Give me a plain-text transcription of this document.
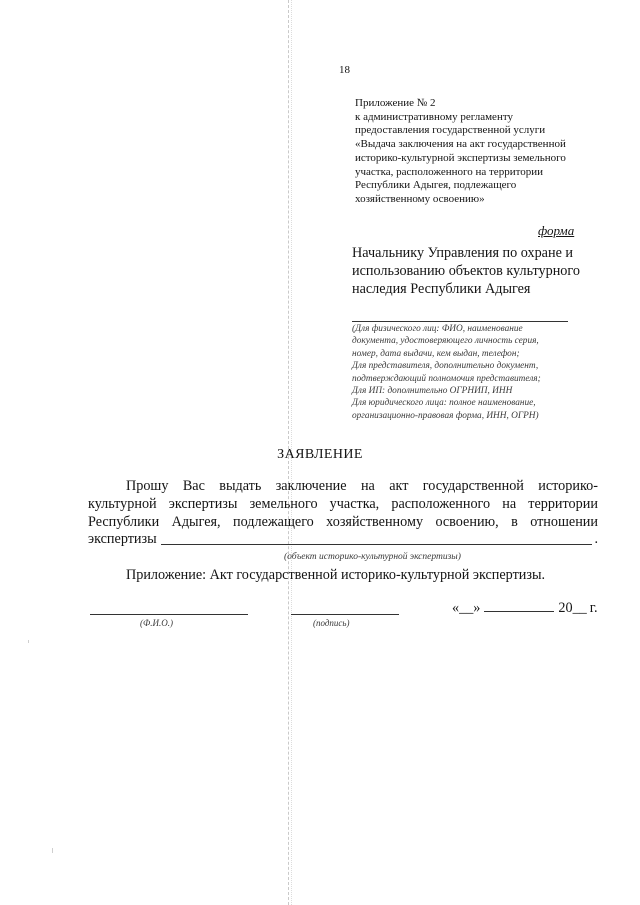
18
Приложение № 2
к административному регламенту
предоставления государственной услуги
«Выдача заключения на акт государственной
историко-культурной экспертизы земельного
участка, расположенного на территории
Республики Адыгея, подлежащего
хозяйственному освоению»
форма
Начальнику Управления по охране и
использованию объектов культурного
наследия Республики Адыгея
(Для физического лиц: ФИО, наименование
документа, удостоверяющего личность серия,
номер, дата выдачи, кем выдан, телефон;
Для представителя, дополнительно документ,
подтверждающий полномочия представителя;
Для ИП: дополнительно ОГРНИП, ИНН
Для юридического лица: полное наименование,
организационно-правовая форма, ИНН, ОГРН)
ЗАЯВЛЕНИЕ
Прошу Вас выдать заключение на акт государственной историко-
культурной экспертизы земельного участка, расположенного на территории
Республики Адыгея, подлежащего хозяйственному освоению, в отношении
экспертизы	.
(объект историко-культурной экспертизы)
Приложение: Акт государственной историко-культурной экспертизы.
(Ф.И.О.)	(подпись)
«__»	20__ г.
